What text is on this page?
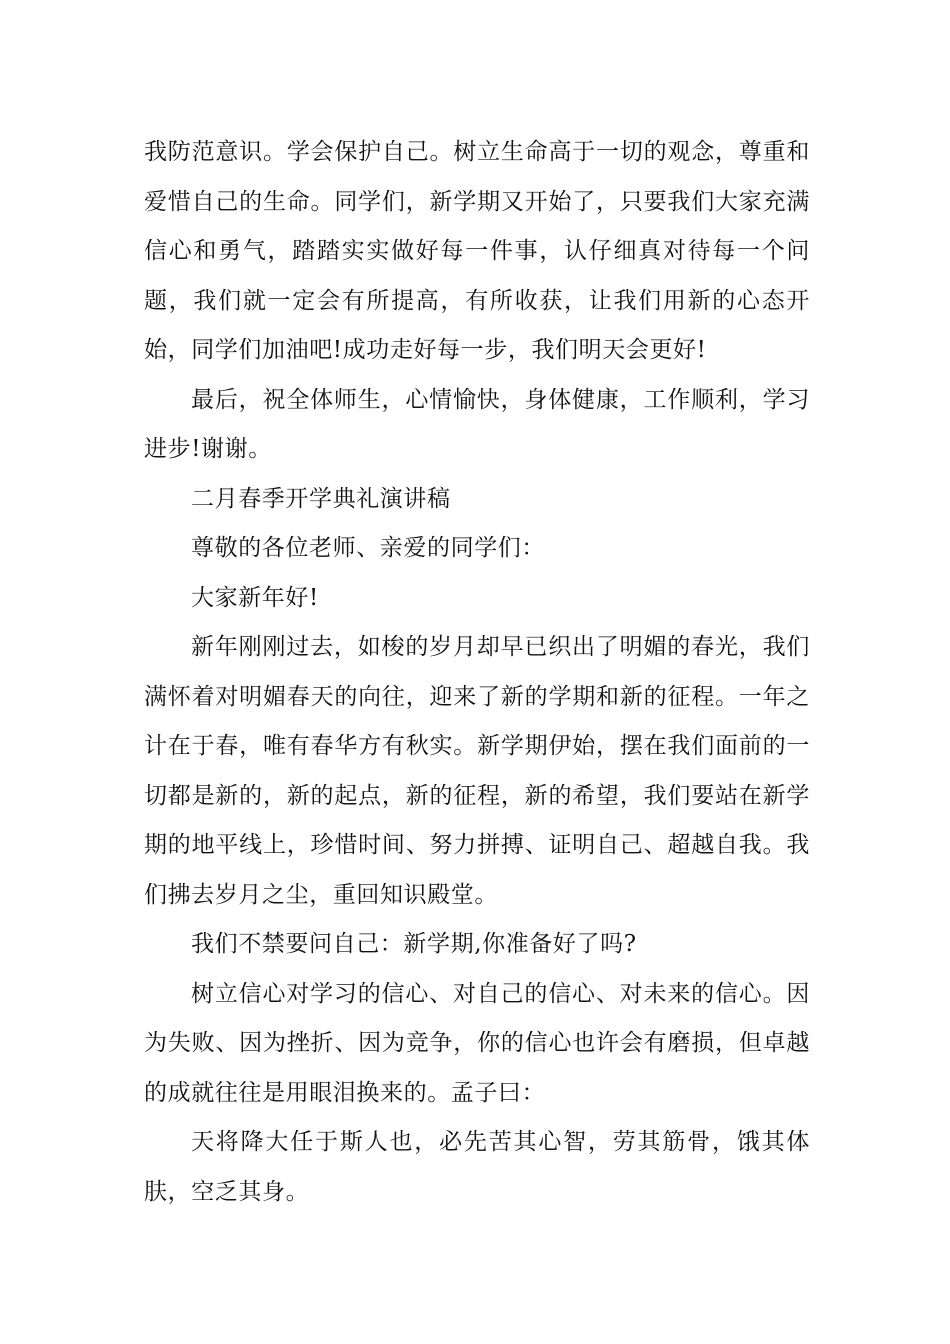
我防范意识。学会保护自己。树立生命高于一切的观念，尊重和爱惜自己的生命。同学们，新学期又开始了，只要我们大家充满信心和勇气，踏踏实实做好每一件事，认仔细真对待每一个问题，我们就一定会有所提高，有所收获，让我们用新的心态开始，同学们加油吧!成功走好每一步，我们明天会更好!

最后，祝全体师生，心情愉快，身体健康，工作顺利，学习进步!谢谢。

二月春季开学典礼演讲稿

尊敬的各位老师、亲爱的同学们：

大家新年好!

新年刚刚过去，如梭的岁月却早已织出了明媚的春光，我们满怀着对明媚春天的向往，迎来了新的学期和新的征程。一年之计在于春，唯有春华方有秋实。新学期伊始，摆在我们面前的一切都是新的，新的起点，新的征程，新的希望，我们要站在新学期的地平线上，珍惜时间、努力拼搏、证明自己、超越自我。我们拂去岁月之尘，重回知识殿堂。

我们不禁要问自己：新学期,你准备好了吗?

树立信心对学习的信心、对自己的信心、对未来的信心。因为失败、因为挫折、因为竞争，你的信心也许会有磨损，但卓越的成就往往是用眼泪换来的。孟子曰：

天将降大任于斯人也，必先苦其心智，劳其筋骨，饿其体肤，空乏其身。
